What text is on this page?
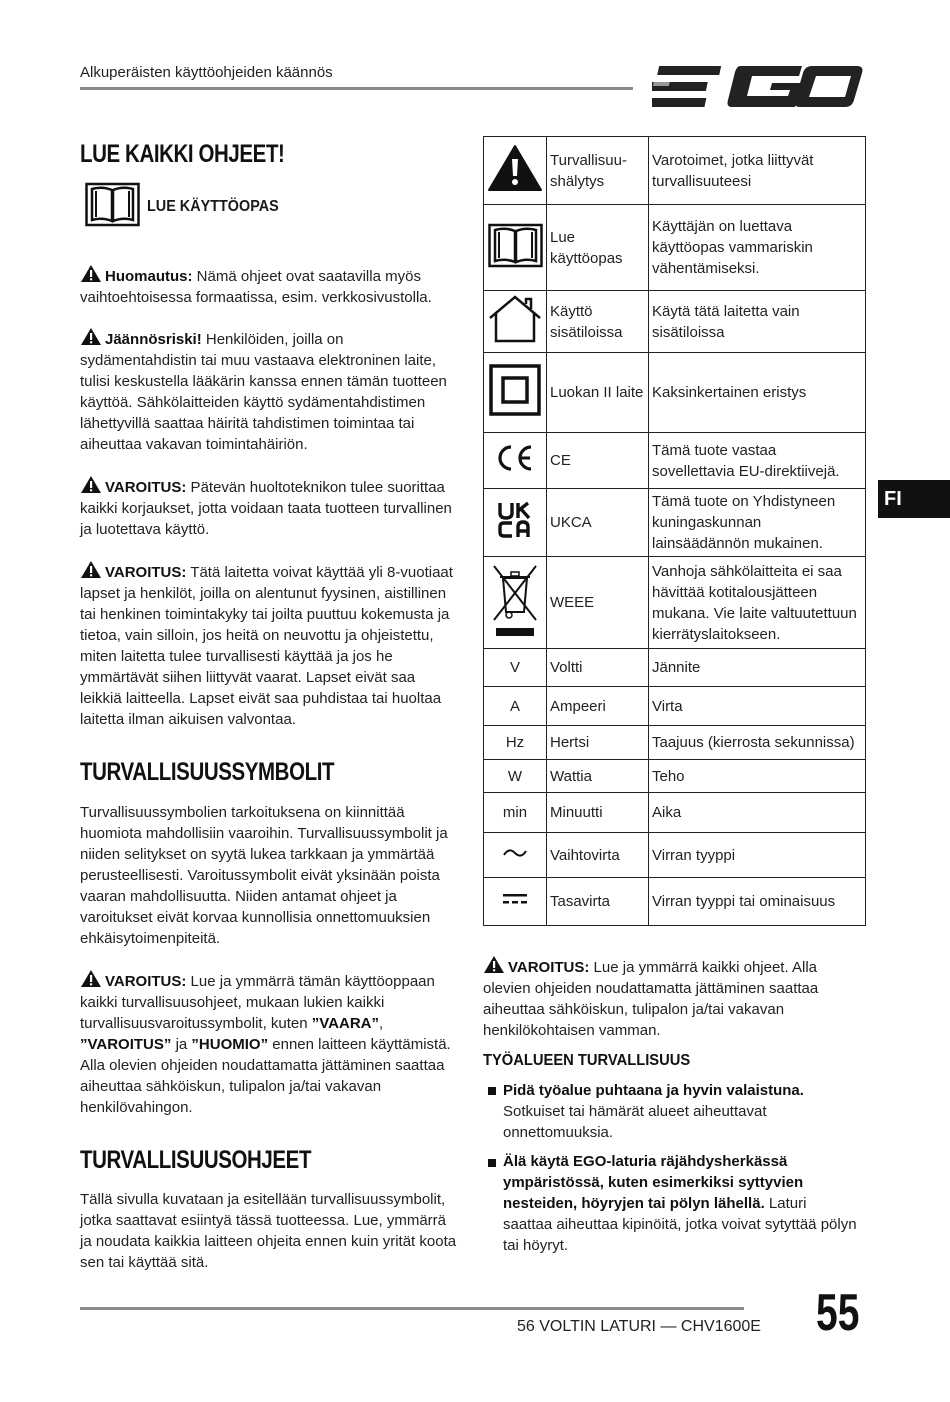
Alkuperäisten käyttöohjeiden käännös
FI
LUE KAIKKI OHJEET!
LUE KÄYTTÖOPAS
Huomautus: Nämä ohjeet ovat saatavilla myös vaihtoehtoisessa formaatissa, esim. verkkosivustolla.
Jäännösriski! Henkilöiden, joilla on sydämentahdistin tai muu vastaava elektroninen laite, tulisi keskustella lääkärin kanssa ennen tämän tuotteen käyttöä. Sähkölaitteiden käyttö sydämentahdistimen lähettyvillä saattaa häiritä tahdistimen toimintaa tai aiheuttaa vakavan toimintahäiriön.
VAROITUS: Pätevän huoltoteknikon tulee suorittaa kaikki korjaukset, jotta voidaan taata tuotteen turvallinen ja luotettava käyttö.
VAROITUS: Tätä laitetta voivat käyttää yli 8-vuotiaat lapset ja henkilöt, joilla on alentunut fyysinen, aistillinen tai henkinen toimintakyky tai joilta puuttuu kokemusta ja tietoa, vain silloin, jos heitä on neuvottu ja ohjeistettu, miten laitetta tulee turvallisesti käyttää ja jos he ymmärtävät siihen liittyvät vaarat. Lapset eivät saa leikkiä laitteella. Lapset eivät saa puhdistaa tai huoltaa laitetta ilman aikuisen valvontaa.
TURVALLISUUSSYMBOLIT
Turvallisuussymbolien tarkoituksena on kiinnittää huomiota mahdollisiin vaaroihin. Turvallisuussymbolit ja niiden selitykset on syytä lukea tarkkaan ja ymmärtää perusteellisesti. Varoitussymbolit eivät yksinään poista vaaran mahdollisuutta. Niiden antamat ohjeet ja varoitukset eivät korvaa kunnollisia onnettomuuksien ehkäisytoimenpiteitä.
VAROITUS: Lue ja ymmärrä tämän käyttöoppaan kaikki turvallisuusohjeet, mukaan lukien kaikki turvallisuusvaroitussymbolit, kuten ”VAARA”, ”VAROITUS” ja ”HUOMIO” ennen laitteen käyttämistä. Alla olevien ohjeiden noudattamatta jättäminen saattaa aiheuttaa sähköiskun, tulipalon ja/tai vakavan henkilövahingon.
TURVALLISUUSOHJEET
Tällä sivulla kuvataan ja esitellään turvallisuussymbolit, jotka saattavat esiintyä tässä tuotteessa. Lue, ymmärrä ja noudata kaikkia laitteen ohjeita ennen kuin yrität koota sen tai käyttää sitä.
	Turvallisuu-shälytys	Varotoimet, jotka liittyvät turvallisuuteesi
	Lue käyttöopas	Käyttäjän on luettava käyttöopas vammariskin vähentämiseksi.
	Käyttö sisätiloissa	Käytä tätä laitetta vain sisätiloissa
	Luokan II laite	Kaksinkertainen eristys
	CE	Tämä tuote vastaa sovellettavia EU-direktiivejä.
	UKCA	Tämä tuote on Yhdistyneen kuningaskunnan lainsäädännön mukainen.
	WEEE	Vanhoja sähkölaitteita ei saa hävittää kotitalousjätteen mukana. Vie laite valtuutettuun kierrätyslaitokseen.
V	Voltti	Jännite
A	Ampeeri	Virta
Hz	Hertsi	Taajuus (kierrosta sekunnissa)
W	Wattia	Teho
min	Minuutti	Aika
	Vaihtovirta	Virran tyyppi
	Tasavirta	Virran tyyppi tai ominaisuus
VAROITUS: Lue ja ymmärrä kaikki ohjeet. Alla olevien ohjeiden noudattamatta jättäminen saattaa aiheuttaa sähköiskun, tulipalon ja/tai vakavan henkilökohtaisen vamman.
TYÖALUEEN TURVALLISUUS
Pidä työalue puhtaana ja hyvin valaistuna. Sotkuiset tai hämärät alueet aiheuttavat onnettomuuksia.
Älä käytä EGO-laturia räjähdysherkässä ympäristössä, kuten esimerkiksi syttyvien nesteiden, höyryjen tai pölyn lähellä. Laturi saattaa aiheuttaa kipinöitä, jotka voivat sytyttää pölyn tai höyryt.
56 VOLTIN LATURI — CHV1600E 55
